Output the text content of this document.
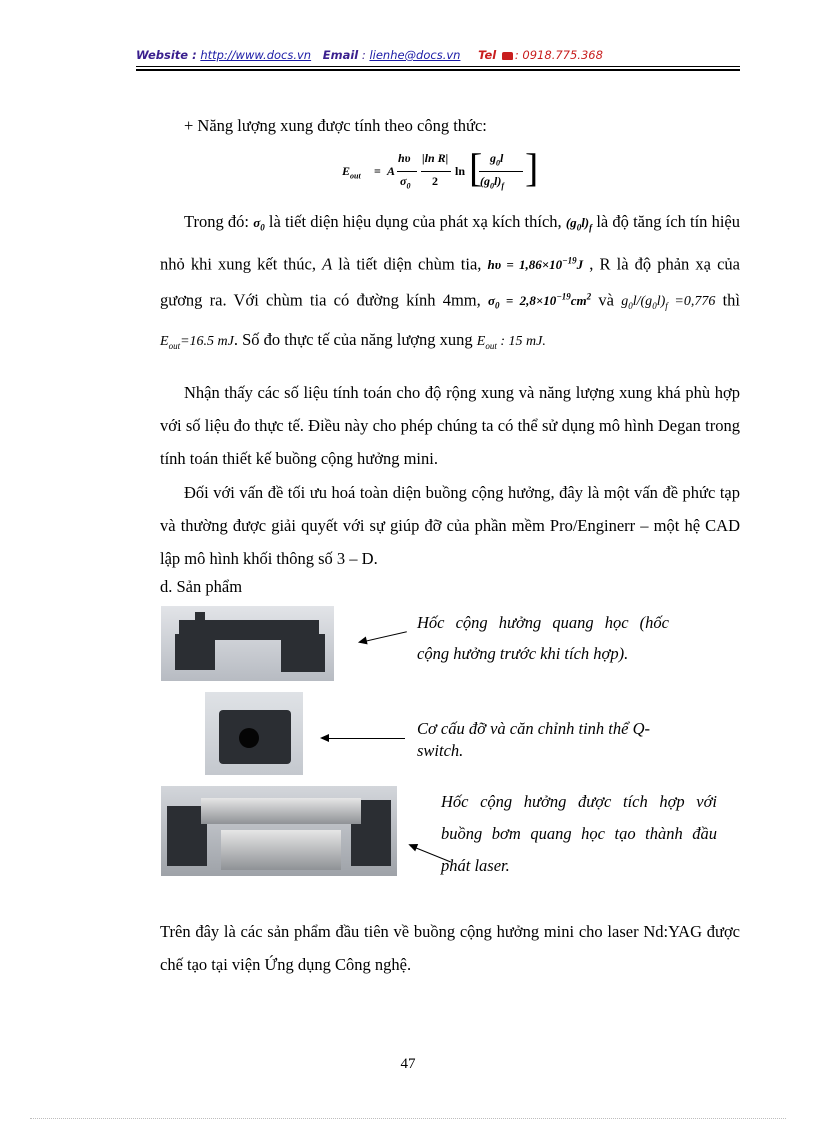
Website : http://www.docs.vn Email : lienhe@docs.vn Tel : 0918.775.368
+ Năng lượng xung được tính theo công thức:
$E_{out} = A$
hυ
$\sigma_0$
|ln R|
2
ln [ $g_0l$
$(g_0l)_f$ ]
Trong đó: $\sigma_0$ là tiết diện hiệu dụng của phát xạ kích thích, $(g_0l)_f$ là độ tăng ích tín hiệu nhỏ khi xung kết thúc, A là tiết diện chùm tia, $h\upsilon = 1,86\times 10^{-19}J$ , R là độ phản xạ của gương ra. Với chùm tia có đường kính 4mm, $\sigma_0 = 2,8\times 10^{-19}cm^2$ và $g_0l/(g_0l)_f =0,776$ thì $E_{out}=16.5$ mJ. Số đo thực tế của năng lượng xung $E_{out}$ : 15 mJ.
Nhận thấy các số liệu tính toán cho độ rộng xung và năng lượng xung khá phù hợp với số liệu đo thực tế. Điều này cho phép chúng ta có thể sử dụng mô hình Degan trong tính toán thiết kế buồng cộng hưởng mini.
Đối với vấn đề tối ưu hoá toàn diện buồng cộng hưởng, đây là một vấn đề phức tạp và thường được giải quyết với sự giúp đỡ của phần mềm Pro/Enginerr – một hệ CAD lập mô hình khối thông số 3 – D.
d. Sản phẩm
Hốc cộng hưởng quang học (hốc cộng hưởng trước khi tích hợp).
Cơ cấu đỡ và căn chỉnh tinh thể Q-switch.
Hốc cộng hưởng được tích hợp với buồng bơm quang học tạo thành đầu phát laser.
Trên đây là các sản phẩm đầu tiên về buồng cộng hưởng mini cho laser Nd:YAG được chế tạo tại viện Ứng dụng Công nghệ.
47
